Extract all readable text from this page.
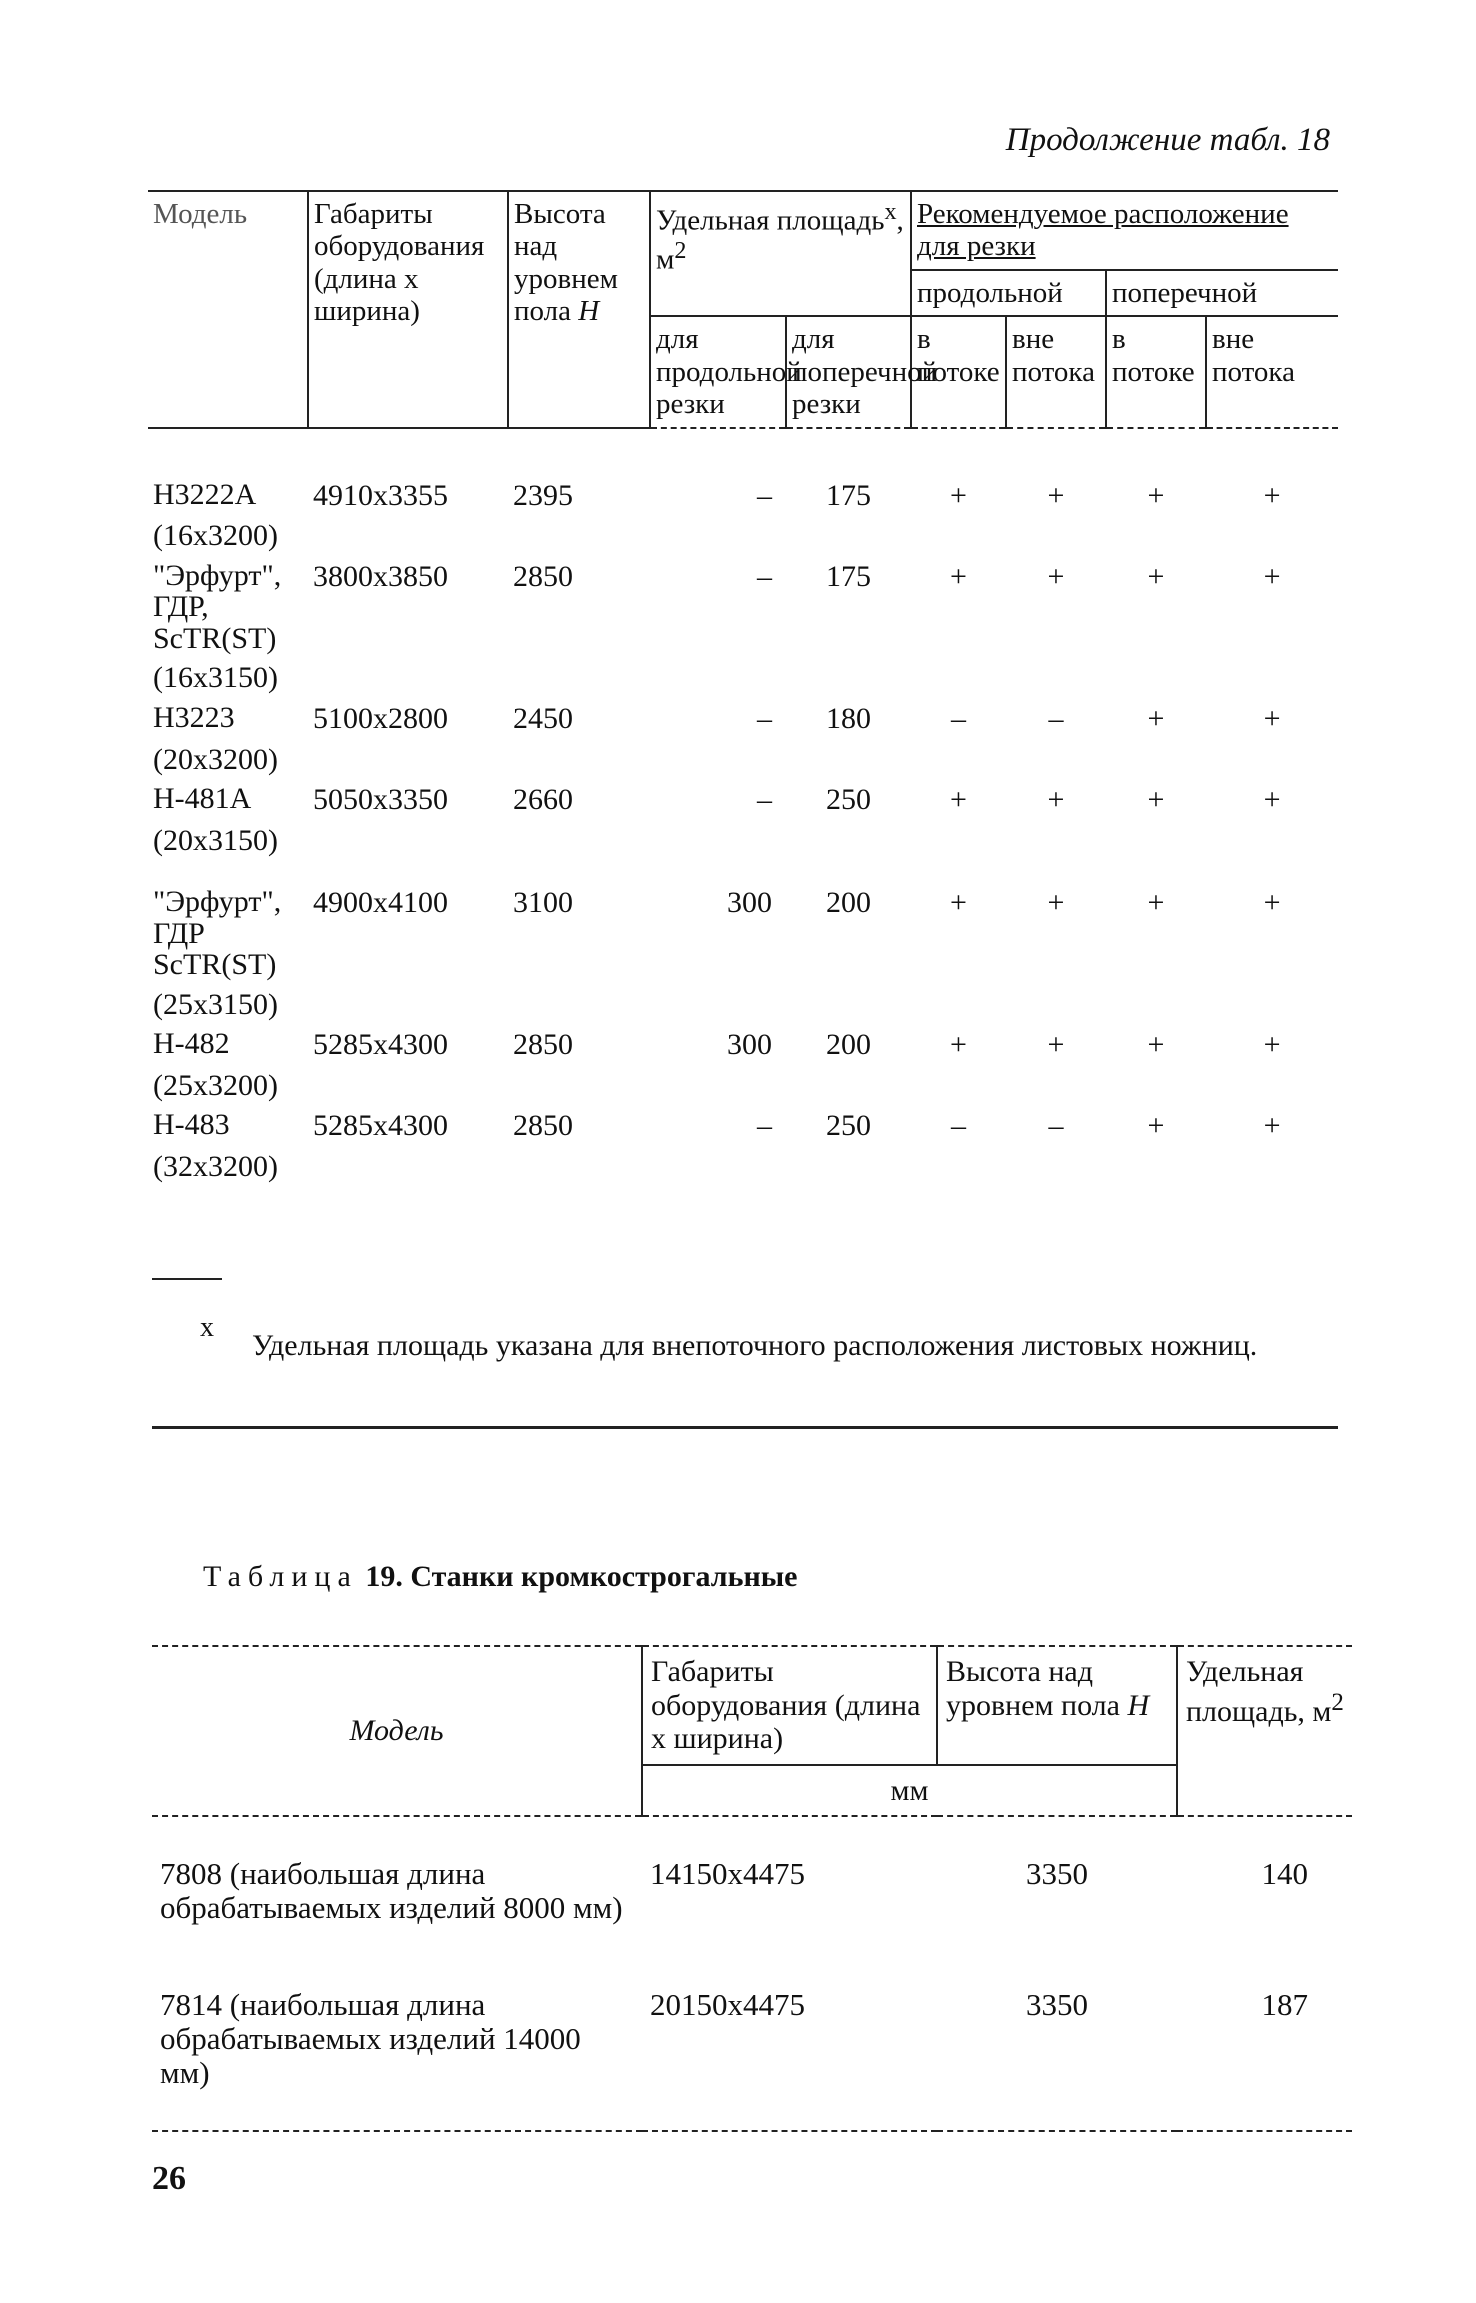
Продолжение табл. 18
Модель	Габариты оборудования (длина х ширина)	Высота над уровнем пола H	Удельная площадь$^x$, $м^2$		Рекомендуемое расположение для резки			
					продольной		поперечной	
			для продольной резки	для поперечной резки	в потоке	вне потока	в потоке	вне потока

Н3222А	4910х3355	2395	–	175	+	+	+	+
(16х3200)								
"Эрфурт", ГДР, ScTR(ST)	3800х3850	2850	–	175	+	+	+	+
(16х3150)								
Н3223	5100х2800	2450	–	180	–	–	+	+
(20х3200)								
Н-481А	5050х3350	2660	–	250	+	+	+	+
(20х3150)								
"Эрфурт", ГДР ScTR(ST)	4900х4100	3100	300	200	+	+	+	+
(25х3150)								
Н-482	5285х4300	2850	300	200	+	+	+	+
(25х3200)								
Н-483	5285х4300	2850	–	250	–	–	+	+
(32х3200)								
x
Удельная площадь указана для внепоточного расположения листовых ножниц.
Таблица 19. Станки кромкострогальные
Модель	Габариты оборудования (длина х ширина)	Высота над уровнем пола H	Удельная площадь, $м^2$
	мм		

7808 (наибольшая длина обрабатываемых изделий 8000 мм)	14150х4475	3350	140
7814 (наибольшая длина обрабатываемых изделий 14000 мм)	20150х4475	3350	187

26
